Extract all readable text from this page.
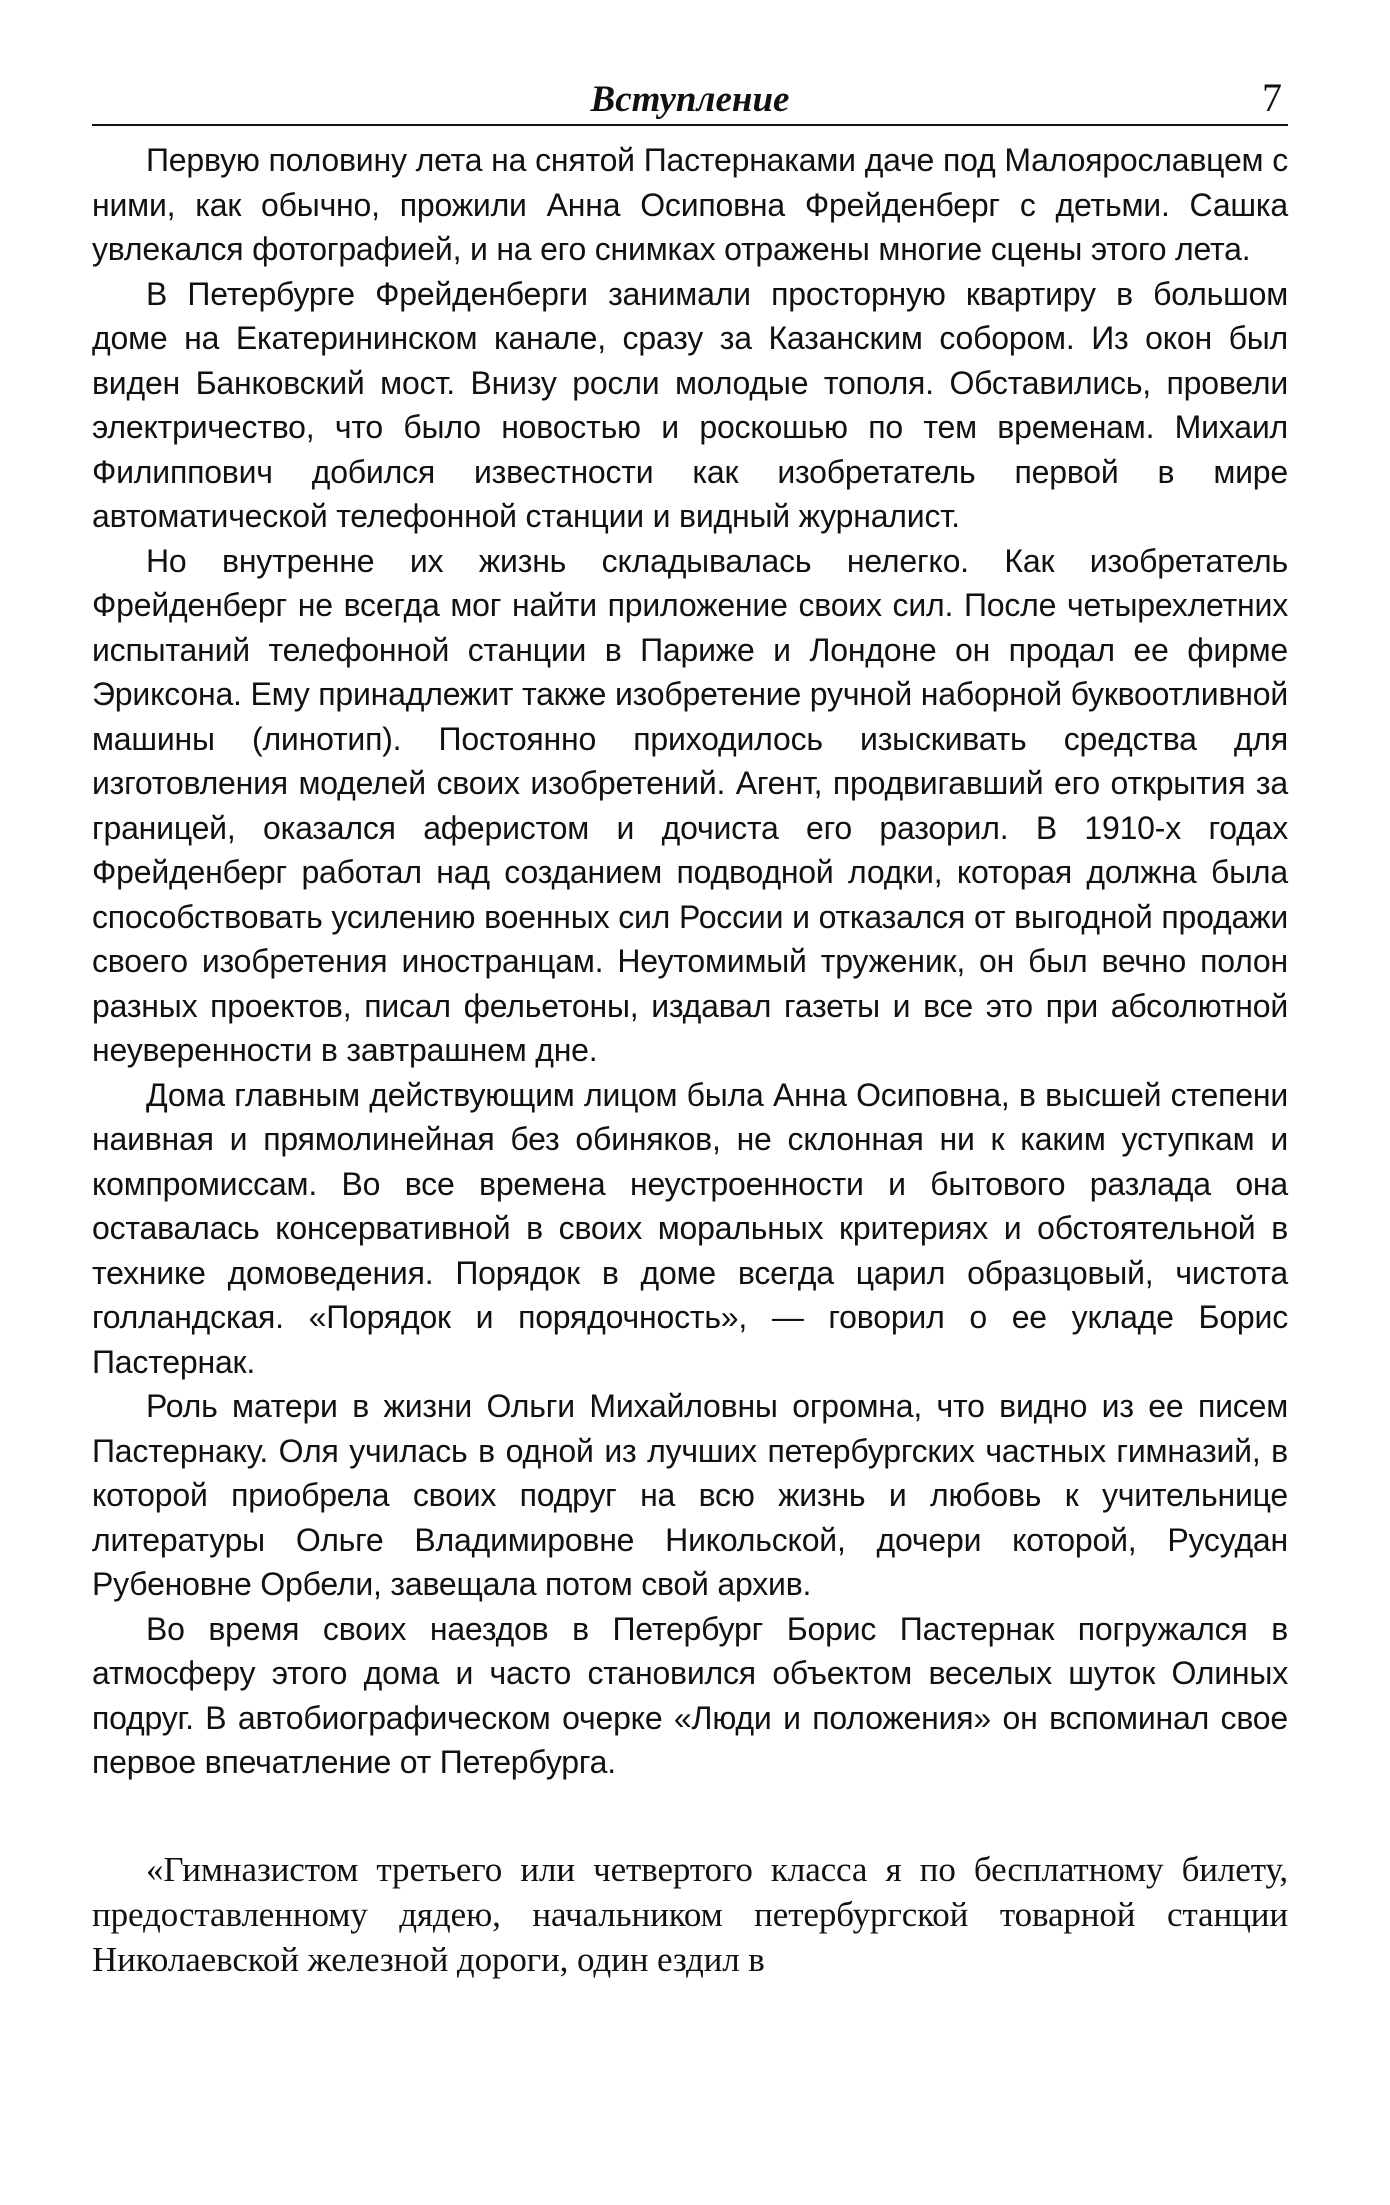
Вступление	7

Первую половину лета на снятой Пастернаками даче под Малоярославцем с ними, как обычно, прожили Анна Осиповна Фрейденберг с детьми. Сашка увлекался фотографией, и на его снимках отражены многие сцены этого лета.

В Петербурге Фрейденберги занимали просторную квартиру в большом доме на Екатерининском канале, сразу за Казанским собором. Из окон был виден Банковский мост. Внизу росли молодые тополя. Обставились, провели электричество, что было новостью и роскошью по тем временам. Михаил Филиппович добился известности как изобретатель первой в мире автоматической телефонной станции и видный журналист.

Но внутренне их жизнь складывалась нелегко. Как изобретатель Фрейденберг не всегда мог найти приложение своих сил. После четырехлетних испытаний телефонной станции в Париже и Лондоне он продал ее фирме Эриксона. Ему принадлежит также изобретение ручной наборной буквоотливной машины (линотип). Постоянно приходилось изыскивать средства для изготовления моделей своих изобретений. Агент, продвигавший его открытия за границей, оказался аферистом и дочиста его разорил. В 1910-х годах Фрейденберг работал над созданием подводной лодки, которая должна была способствовать усилению военных сил России и отказался от выгодной продажи своего изобретения иностранцам. Неутомимый труженик, он был вечно полон разных проектов, писал фельетоны, издавал газеты и все это при абсолютной неуверенности в завтрашнем дне.

Дома главным действующим лицом была Анна Осиповна, в высшей степени наивная и прямолинейная без обиняков, не склонная ни к каким уступкам и компромиссам. Во все времена неустроенности и бытового разлада она оставалась консервативной в своих моральных критериях и обстоятельной в технике домоведения. Порядок в доме всегда царил образцовый, чистота голландская. «Порядок и порядочность», — говорил о ее укладе Борис Пастернак.

Роль матери в жизни Ольги Михайловны огромна, что видно из ее писем Пастернаку. Оля училась в одной из лучших петербургских частных гимназий, в которой приобрела своих подруг на всю жизнь и любовь к учительнице литературы Ольге Владимировне Никольской, дочери которой, Русудан Рубеновне Орбели, завещала потом свой архив.

Во время своих наездов в Петербург Борис Пастернак погружался в атмосферу этого дома и часто становился объектом веселых шуток Олиных подруг. В автобиографическом очерке «Люди и положения» он вспоминал свое первое впечатление от Петербурга.

«Гимназистом третьего или четвертого класса я по бесплатному билету, предоставленному дядею, начальником петербургской товарной станции Николаевской железной дороги, один ездил в
